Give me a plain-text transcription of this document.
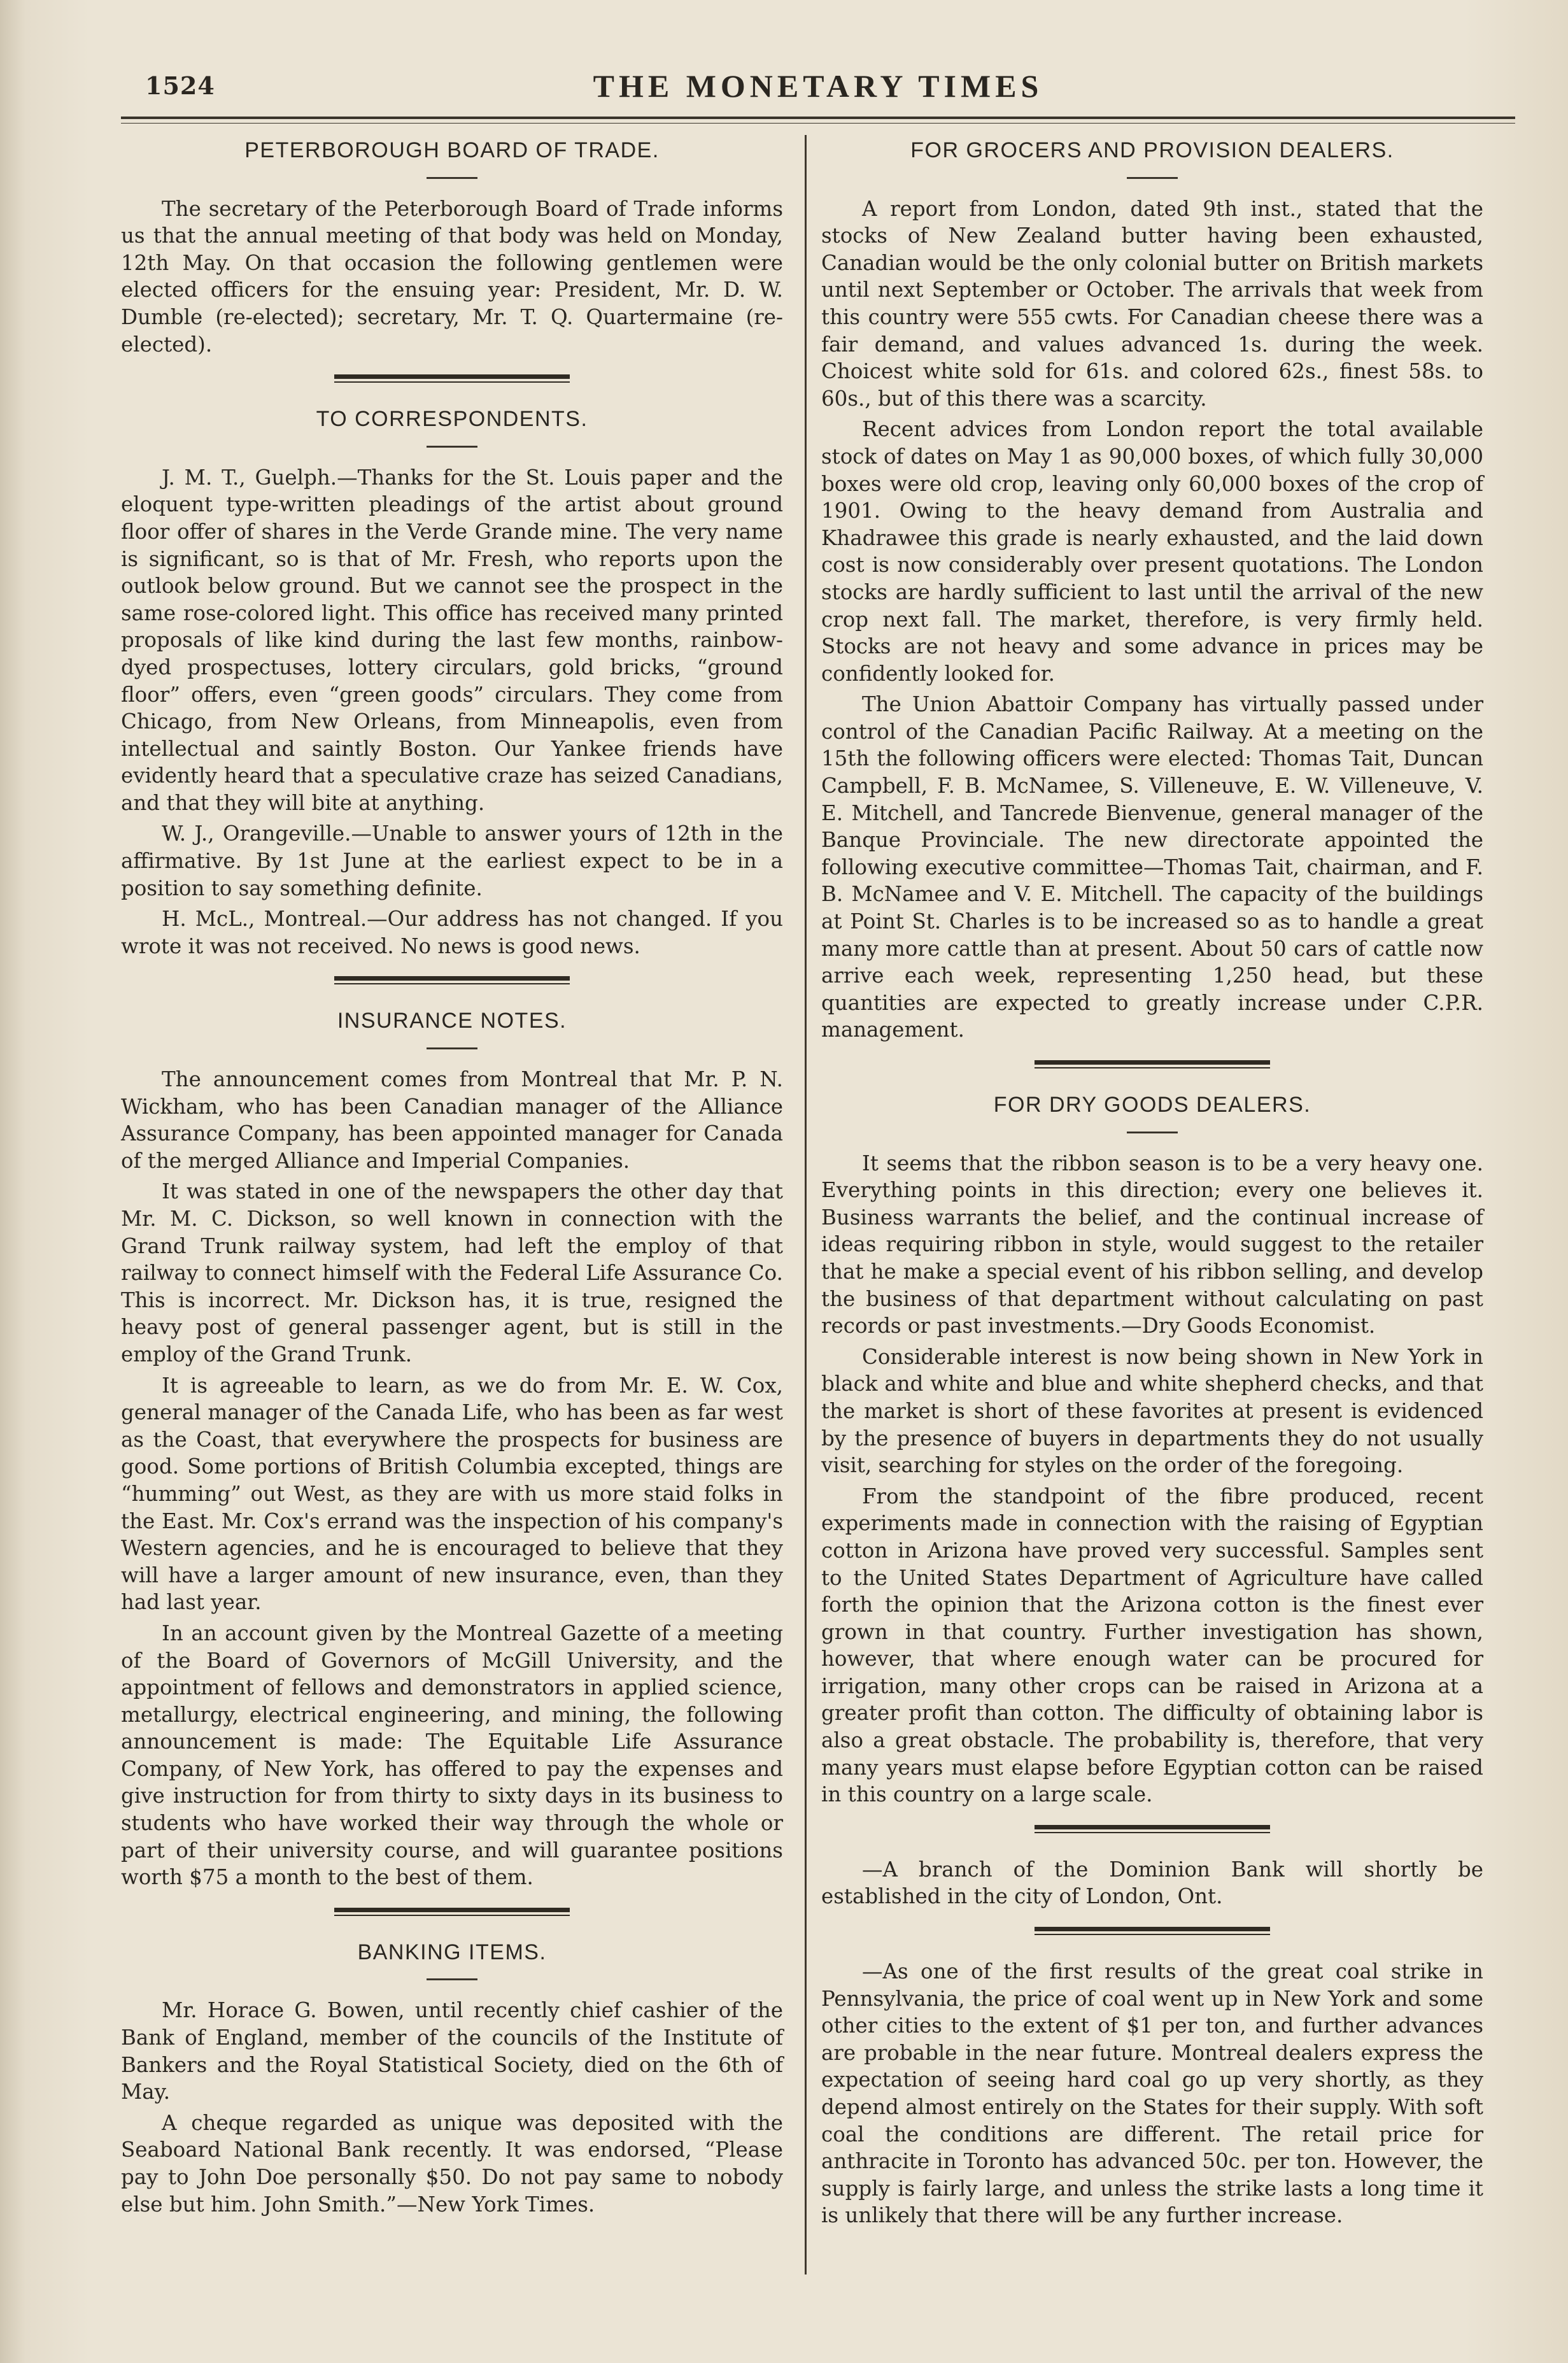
1524	THE MONETARY TIMES
PETERBOROUGH BOARD OF TRADE.

The secretary of the Peterborough Board of Trade informs us that the annual meeting of that body was held on Monday, 12th May. On that occasion the following gentlemen were elected officers for the ensuing year: President, Mr. D. W. Dumble (re-elected); secretary, Mr. T. Q. Quartermaine (re-elected).

TO CORRESPONDENTS.

J. M. T., Guelph.—Thanks for the St. Louis paper and the eloquent type-written pleadings of the artist about ground floor offer of shares in the Verde Grande mine. The very name is significant, so is that of Mr. Fresh, who reports upon the outlook below ground. But we cannot see the prospect in the same rose-colored light. This office has received many printed proposals of like kind during the last few months, rainbow-dyed prospectuses, lottery circulars, gold bricks, “ground floor” offers, even “green goods” circulars. They come from Chicago, from New Orleans, from Minneapolis, even from intellectual and saintly Boston. Our Yankee friends have evidently heard that a speculative craze has seized Canadians, and that they will bite at anything.

W. J., Orangeville.—Unable to answer yours of 12th in the affirmative. By 1st June at the earliest expect to be in a position to say something definite.

H. McL., Montreal.—Our address has not changed. If you wrote it was not received. No news is good news.

INSURANCE NOTES.

The announcement comes from Montreal that Mr. P. N. Wickham, who has been Canadian manager of the Alliance Assurance Company, has been appointed manager for Canada of the merged Alliance and Imperial Companies.

It was stated in one of the newspapers the other day that Mr. M. C. Dickson, so well known in connection with the Grand Trunk railway system, had left the employ of that railway to connect himself with the Federal Life Assurance Co. This is incorrect. Mr. Dickson has, it is true, resigned the heavy post of general passenger agent, but is still in the employ of the Grand Trunk.

It is agreeable to learn, as we do from Mr. E. W. Cox, general manager of the Canada Life, who has been as far west as the Coast, that everywhere the prospects for business are good. Some portions of British Columbia excepted, things are “humming” out West, as they are with us more staid folks in the East. Mr. Cox's errand was the inspection of his company's Western agencies, and he is encouraged to believe that they will have a larger amount of new insurance, even, than they had last year.

In an account given by the Montreal Gazette of a meeting of the Board of Governors of McGill University, and the appointment of fellows and demonstrators in applied science, metallurgy, electrical engineering, and mining, the following announcement is made: The Equitable Life Assurance Company, of New York, has offered to pay the expenses and give instruction for from thirty to sixty days in its business to students who have worked their way through the whole or part of their university course, and will guarantee positions worth $75 a month to the best of them.

BANKING ITEMS.

Mr. Horace G. Bowen, until recently chief cashier of the Bank of England, member of the councils of the Institute of Bankers and the Royal Statistical Society, died on the 6th of May.

A cheque regarded as unique was deposited with the Seaboard National Bank recently. It was endorsed, “Please pay to John Doe personally $50. Do not pay same to nobody else but him. John Smith.”—New York Times.

FOR GROCERS AND PROVISION DEALERS.

A report from London, dated 9th inst., stated that the stocks of New Zealand butter having been exhausted, Canadian would be the only colonial butter on British markets until next September or October. The arrivals that week from this country were 555 cwts. For Canadian cheese there was a fair demand, and values advanced 1s. during the week. Choicest white sold for 61s. and colored 62s., finest 58s. to 60s., but of this there was a scarcity.

Recent advices from London report the total available stock of dates on May 1 as 90,000 boxes, of which fully 30,000 boxes were old crop, leaving only 60,000 boxes of the crop of 1901. Owing to the heavy demand from Australia and Khadrawee this grade is nearly exhausted, and the laid down cost is now considerably over present quotations. The London stocks are hardly sufficient to last until the arrival of the new crop next fall. The market, therefore, is very firmly held. Stocks are not heavy and some advance in prices may be confidently looked for.

The Union Abattoir Company has virtually passed under control of the Canadian Pacific Railway. At a meeting on the 15th the following officers were elected: Thomas Tait, Duncan Campbell, F. B. McNamee, S. Villeneuve, E. W. Villeneuve, V. E. Mitchell, and Tancrede Bienvenue, general manager of the Banque Provinciale. The new directorate appointed the following executive committee—Thomas Tait, chairman, and F. B. McNamee and V. E. Mitchell. The capacity of the buildings at Point St. Charles is to be increased so as to handle a great many more cattle than at present. About 50 cars of cattle now arrive each week, representing 1,250 head, but these quantities are expected to greatly increase under C.P.R. management.

FOR DRY GOODS DEALERS.

It seems that the ribbon season is to be a very heavy one. Everything points in this direction; every one believes it. Business warrants the belief, and the continual increase of ideas requiring ribbon in style, would suggest to the retailer that he make a special event of his ribbon selling, and develop the business of that department without calculating on past records or past investments.—Dry Goods Economist.

Considerable interest is now being shown in New York in black and white and blue and white shepherd checks, and that the market is short of these favorites at present is evidenced by the presence of buyers in departments they do not usually visit, searching for styles on the order of the foregoing.

From the standpoint of the fibre produced, recent experiments made in connection with the raising of Egyptian cotton in Arizona have proved very successful. Samples sent to the United States Department of Agriculture have called forth the opinion that the Arizona cotton is the finest ever grown in that country. Further investigation has shown, however, that where enough water can be procured for irrigation, many other crops can be raised in Arizona at a greater profit than cotton. The difficulty of obtaining labor is also a great obstacle. The probability is, therefore, that very many years must elapse before Egyptian cotton can be raised in this country on a large scale.

—A branch of the Dominion Bank will shortly be established in the city of London, Ont.

—As one of the first results of the great coal strike in Pennsylvania, the price of coal went up in New York and some other cities to the extent of $1 per ton, and further advances are probable in the near future. Montreal dealers express the expectation of seeing hard coal go up very shortly, as they depend almost entirely on the States for their supply. With soft coal the conditions are different. The retail price for anthracite in Toronto has advanced 50c. per ton. However, the supply is fairly large, and unless the strike lasts a long time it is unlikely that there will be any further increase.
